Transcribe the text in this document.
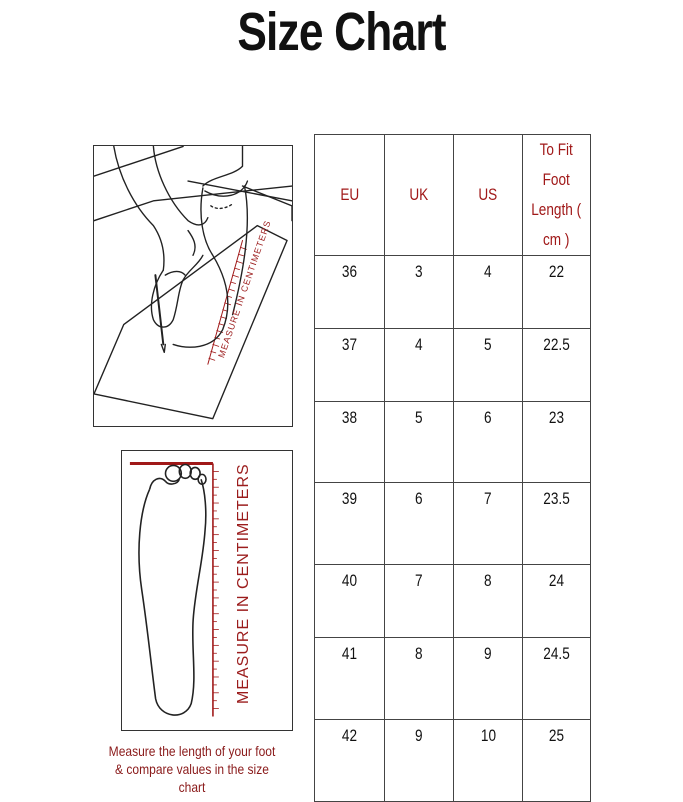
Size Chart
MEASURE IN CENTIMETERS
MEASURE IN CENTIMETERS
Measure the length of your foot
& compare values in the size chart
EU	UK	US	To Fit
Foot
Length (
cm )
36	3	4	22
37	4	5	22.5
38	5	6	23
39	6	7	23.5
40	7	8	24
41	8	9	24.5
42	9	10	25
